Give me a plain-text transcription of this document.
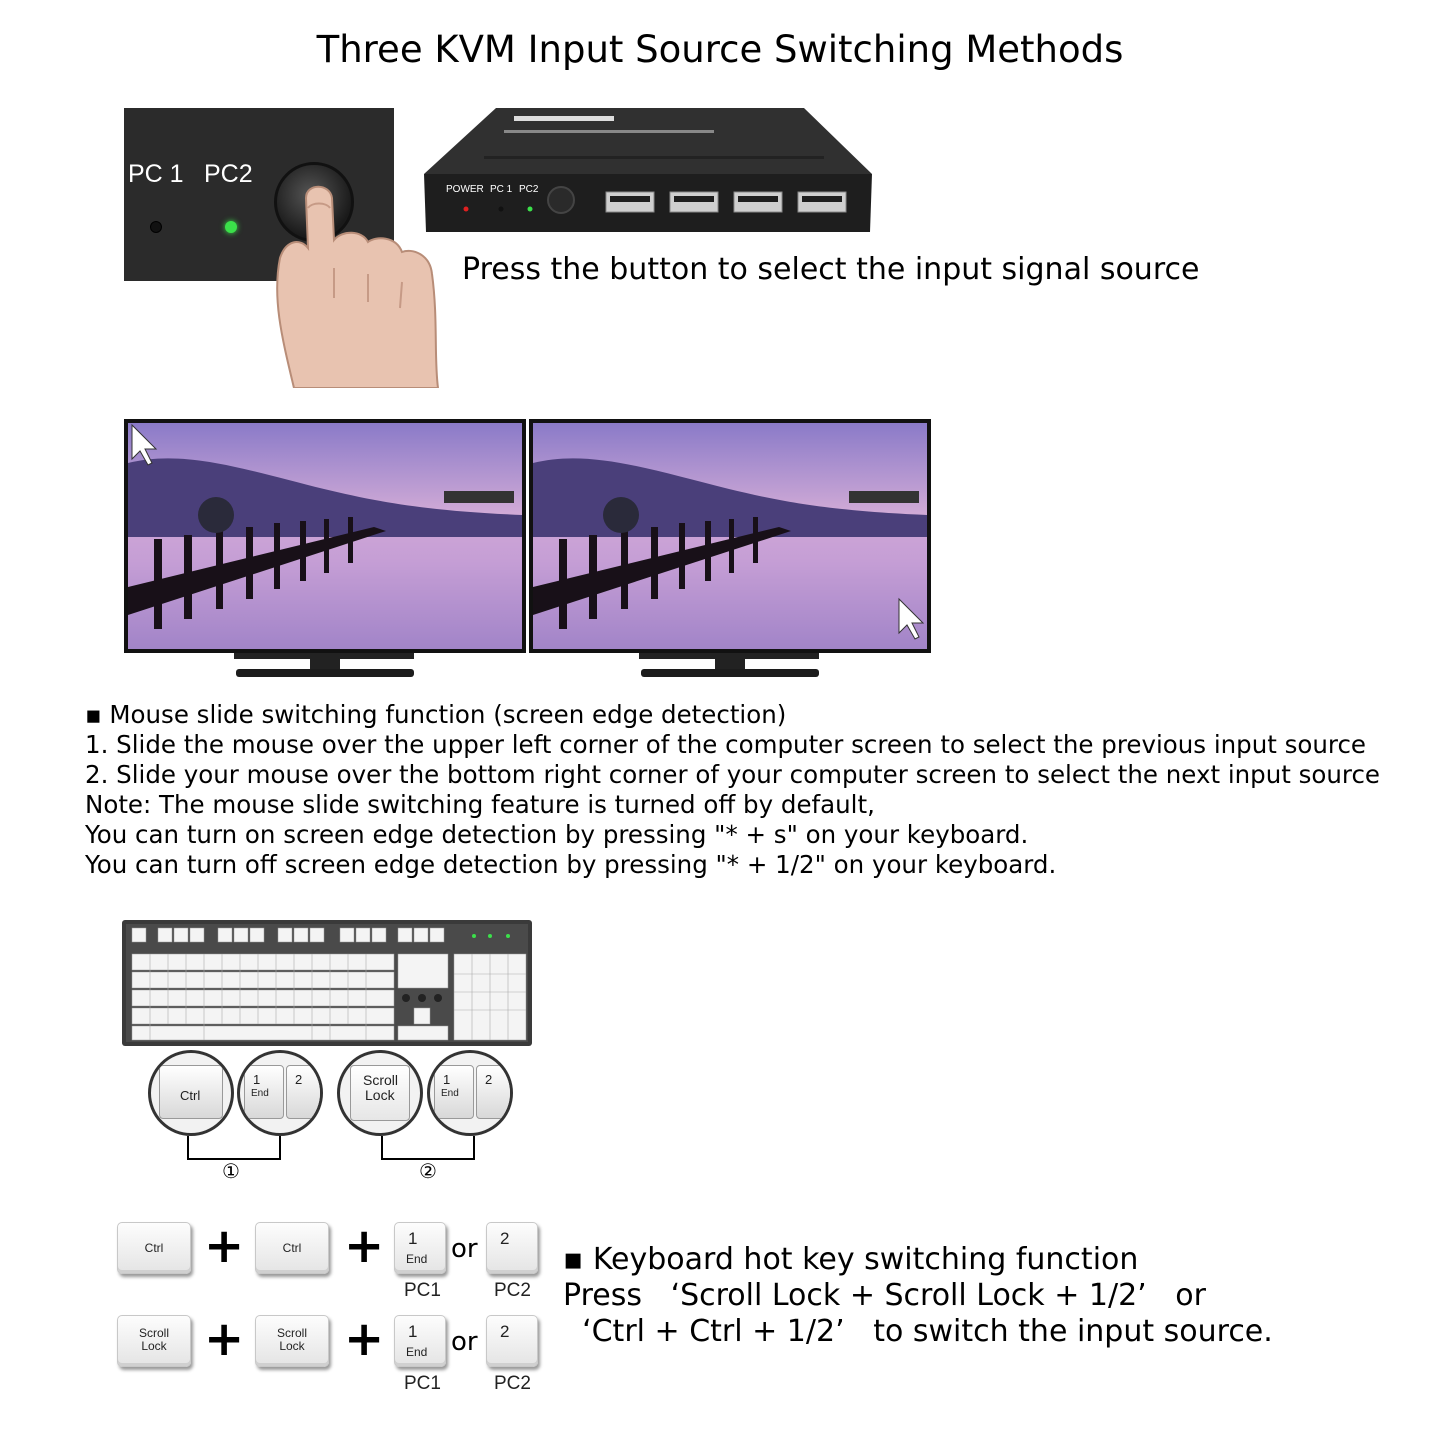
Three KVM Input Source Switching Methods
PC 1 PC2
POWER PC 1 PC2
Press the button to select the input signal source
▪ Mouse slide switching function (screen edge detection)
1. Slide the mouse over the upper left corner of the computer screen to select the previous input source
2. Slide your mouse over the bottom right corner of your computer screen to select the next input source
Note: The mouse slide switching feature is turned off by default,
You can turn on screen edge detection by pressing "* + s" on your keyboard.
You can turn off screen edge detection by pressing "* + 1/2" on your keyboard.
Ctrl
1
End
2	Scroll
Lock
1
End
2
①	②
Ctrl +	Ctrl + 1
End or 2
PC1	PC2
Scroll
Lock +	Scroll
Lock + 1
End or 2
PC1	PC2
▪ Keyboard hot key switching function
Press   ‘Scroll Lock + Scroll Lock + 1/2’   or
‘Ctrl + Ctrl + 1/2’   to switch the input source.
